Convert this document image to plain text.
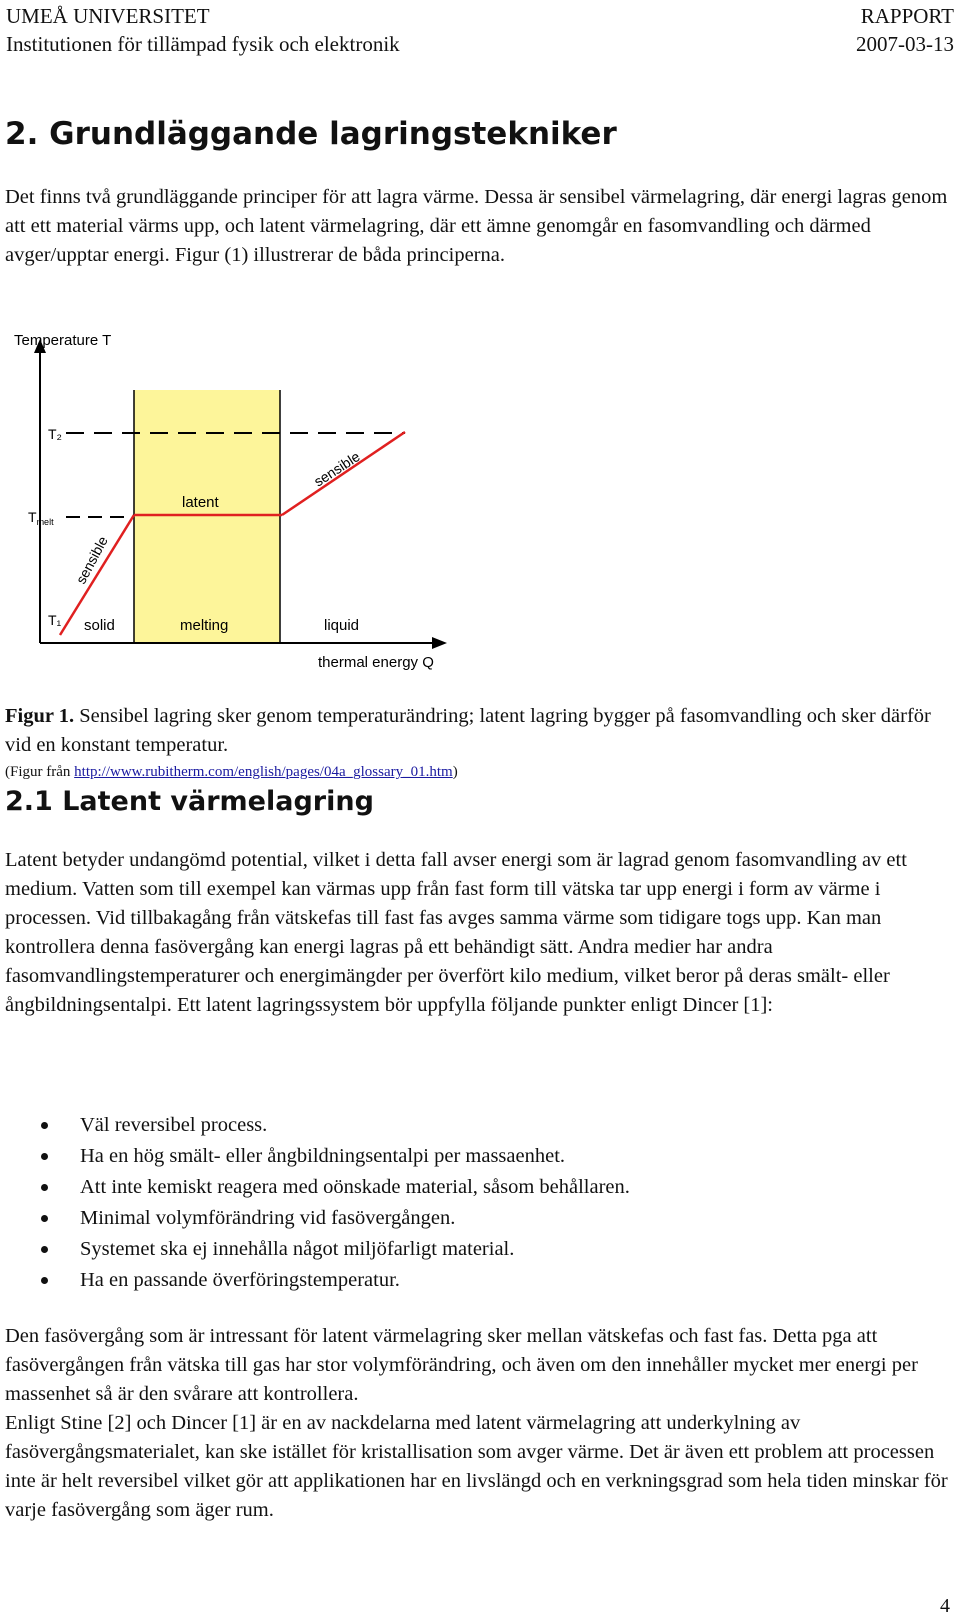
UMEÅ UNIVERSITET	RAPPORT
Institutionen för tillämpad fysik och elektronik	2007-03-13
2. Grundläggande lagringstekniker
Det finns två grundläggande principer för att lagra värme. Dessa är sensibel värmelagring, där energi lagras genom att ett material värms upp, och latent värmelagring, där ett ämne genomgår en fasomvandling och därmed avger/upptar energi. Figur (1) illustrerar de båda principerna.
Temperature T
T₂
$T_{melt}$
T₁
latent
sensible
sensible
solid	melting	liquid
thermal energy Q
Figur 1. Sensibel lagring sker genom temperaturändring; latent lagring bygger på fasomvandling och sker därför vid en konstant temperatur.
(Figur från http://www.rubitherm.com/english/pages/04a_glossary_01.htm)
2.1 Latent värmelagring
Latent betyder undangömd potential, vilket i detta fall avser energi som är lagrad genom fasomvandling av ett medium. Vatten som till exempel kan värmas upp från fast form till vätska tar upp energi i form av värme i processen. Vid tillbakagång från vätskefas till fast fas avges samma värme som tidigare togs upp. Kan man kontrollera denna fasövergång kan energi lagras på ett behändigt sätt. Andra medier har andra fasomvandlingstemperaturer och energimängder per överfört kilo medium, vilket beror på deras smält- eller ångbildningsentalpi. Ett latent lagringssystem bör uppfylla följande punkter enligt Dincer [1]:
Väl reversibel process.
Ha en hög smält- eller ångbildningsentalpi per massaenhet.
Att inte kemiskt reagera med oönskade material, såsom behållaren.
Minimal volymförändring vid fasövergången.
Systemet ska ej innehålla något miljöfarligt material.
Ha en passande överföringstemperatur.
Den fasövergång som är intressant för latent värmelagring sker mellan vätskefas och fast fas. Detta pga att fasövergången från vätska till gas har stor volymförändring, och även om den innehåller mycket mer energi per massenhet så är den svårare att kontrollera.
Enligt Stine [2] och Dincer [1] är en av nackdelarna med latent värmelagring att underkylning av fasövergångsmaterialet, kan ske istället för kristallisation som avger värme. Det är även ett problem att processen inte är helt reversibel vilket gör att applikationen har en livslängd och en verkningsgrad som hela tiden minskar för varje fasövergång som äger rum.
4
